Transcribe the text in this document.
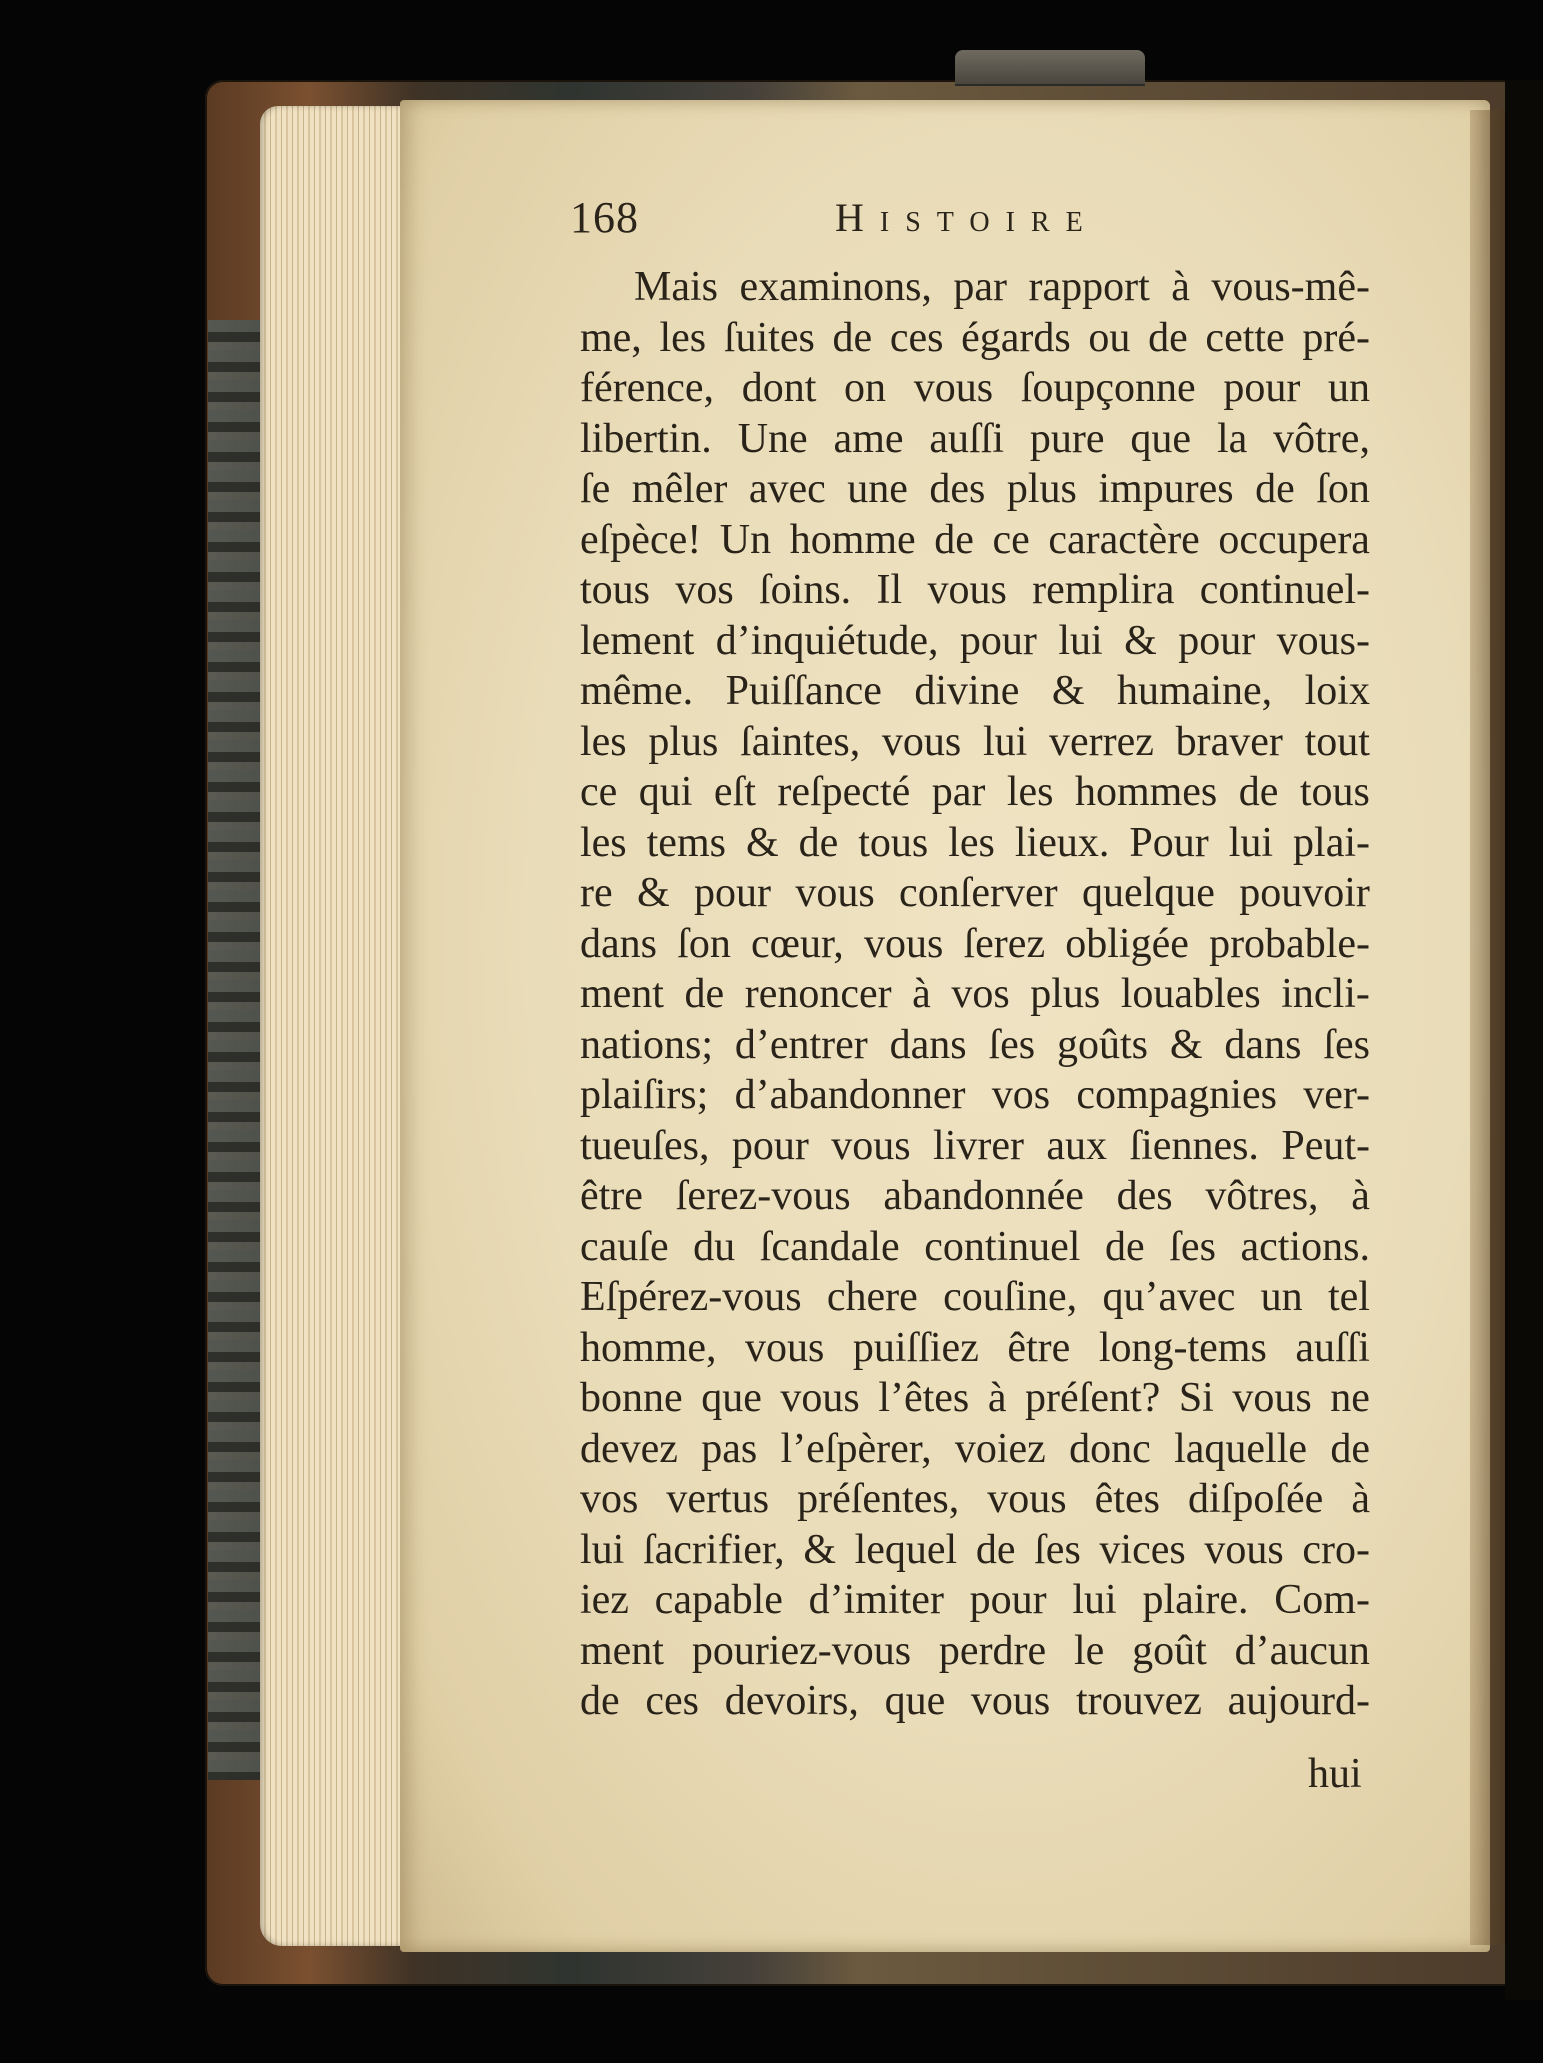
168	Histoire
Mais examinons, par rapport à vous-mê-
me, les ſuites de ces égards ou de cette pré-
férence, dont on vous ſoupçonne pour un
libertin. Une ame auſſi pure que la vôtre,
ſe mêler avec une des plus impures de ſon
eſpèce! Un homme de ce caractère occupera
tous vos ſoins. Il vous remplira continuel-
lement d’inquiétude, pour lui & pour vous-
même. Puiſſance divine & humaine, loix
les plus ſaintes, vous lui verrez braver tout
ce qui eſt reſpecté par les hommes de tous
les tems & de tous les lieux. Pour lui plai-
re & pour vous conſerver quelque pouvoir
dans ſon cœur, vous ſerez obligée probable-
ment de renoncer à vos plus louables incli-
nations; d’entrer dans ſes goûts & dans ſes
plaiſirs; d’abandonner vos compagnies ver-
tueuſes, pour vous livrer aux ſiennes. Peut-
être ſerez-vous abandonnée des vôtres, à
cauſe du ſcandale continuel de ſes actions.
Eſpérez-vous chere couſine, qu’avec un tel
homme, vous puiſſiez être long-tems auſſi
bonne que vous l’êtes à préſent? Si vous ne
devez pas l’eſpèrer, voiez donc laquelle de
vos vertus préſentes, vous êtes diſpoſée à
lui ſacrifier, & lequel de ſes vices vous cro-
iez capable d’imiter pour lui plaire. Com-
ment pouriez-vous perdre le goût d’aucun
de ces devoirs, que vous trouvez aujourd-
hui
